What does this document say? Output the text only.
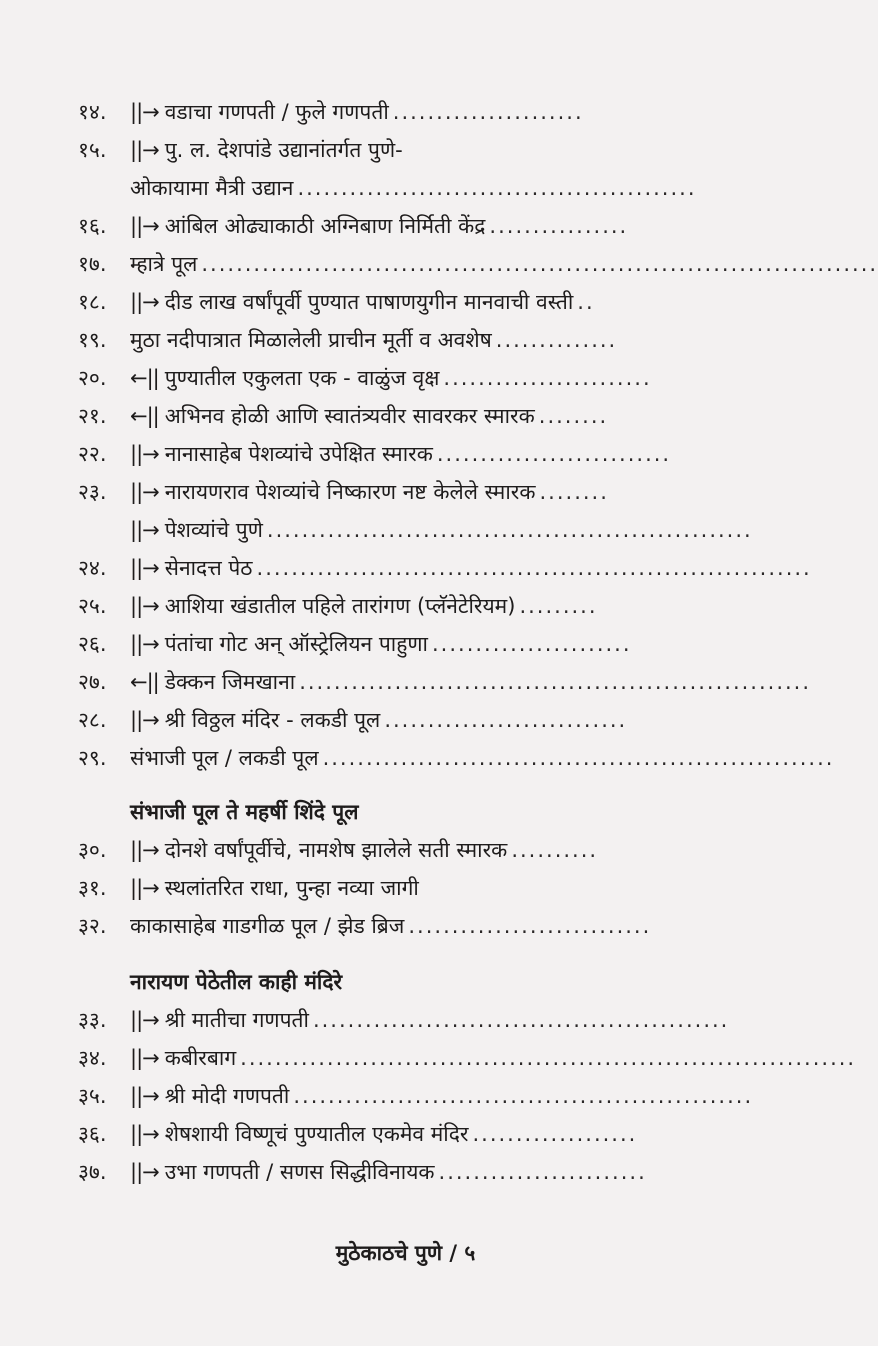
१४.	||→ वडाचा गणपती / फुले गणपती ......................
१५.	||→ पु. ल. देशपांडे उद्यानांतर्गत पुणे-
ओकायामा मैत्री उद्यान ..............................................
१६.	||→ आंबिल ओढ्याकाठी अग्निबाण निर्मिती केंद्र ................
१७.	म्हात्रे पूल ..............................................................................
१८.	||→ दीड लाख वर्षांपूर्वी पुण्यात पाषाणयुगीन मानवाची वस्ती ..
१९.	मुठा नदीपात्रात मिळालेली प्राचीन मूर्ती व अवशेष ..............
२०.	←|| पुण्यातील एकुलता एक - वाळुंज वृक्ष ........................
२१.	←|| अभिनव होळी आणि स्वातंत्र्यवीर सावरकर स्मारक ........
२२.	||→ नानासाहेब पेशव्यांचे उपेक्षित स्मारक ...........................
२३.	||→ नारायणराव पेशव्यांचे निष्कारण नष्ट केलेले स्मारक ........
||→ पेशव्यांचे पुणे ........................................................
२४.	||→ सेनादत्त पेठ ................................................................
२५.	||→ आशिया खंडातील पहिले तारांगण (प्लॅनेटेरियम) .........
२६.	||→ पंतांचा गोट अन् ऑस्ट्रेलियन पाहुणा .......................
२७.	←|| डेक्कन जिमखाना ...........................................................
२८.	||→ श्री विठ्ठल मंदिर - लकडी पूल ............................
२९.	संभाजी पूल / लकडी पूल ...........................................................
संभाजी पूल ते महर्षी शिंदे पूल
३०.	||→ दोनशे वर्षांपूर्वीचे, नामशेष झालेले सती स्मारक ..........
३१.	||→ स्थलांतरित राधा, पुन्हा नव्या जागी
३२.	काकासाहेब गाडगीळ पूल / झेड ब्रिज ............................
नारायण पेठेतील काही मंदिरे
३३.	||→ श्री मातीचा गणपती ................................................
३४.	||→ कबीरबाग .......................................................................
३५.	||→ श्री मोदी गणपती .....................................................
३६.	||→ शेषशायी विष्णूचं पुण्यातील एकमेव मंदिर ...................
३७.	||→ उभा गणपती / सणस सिद्धीविनायक ........................
मुठेकाठचे पुणे / ५
